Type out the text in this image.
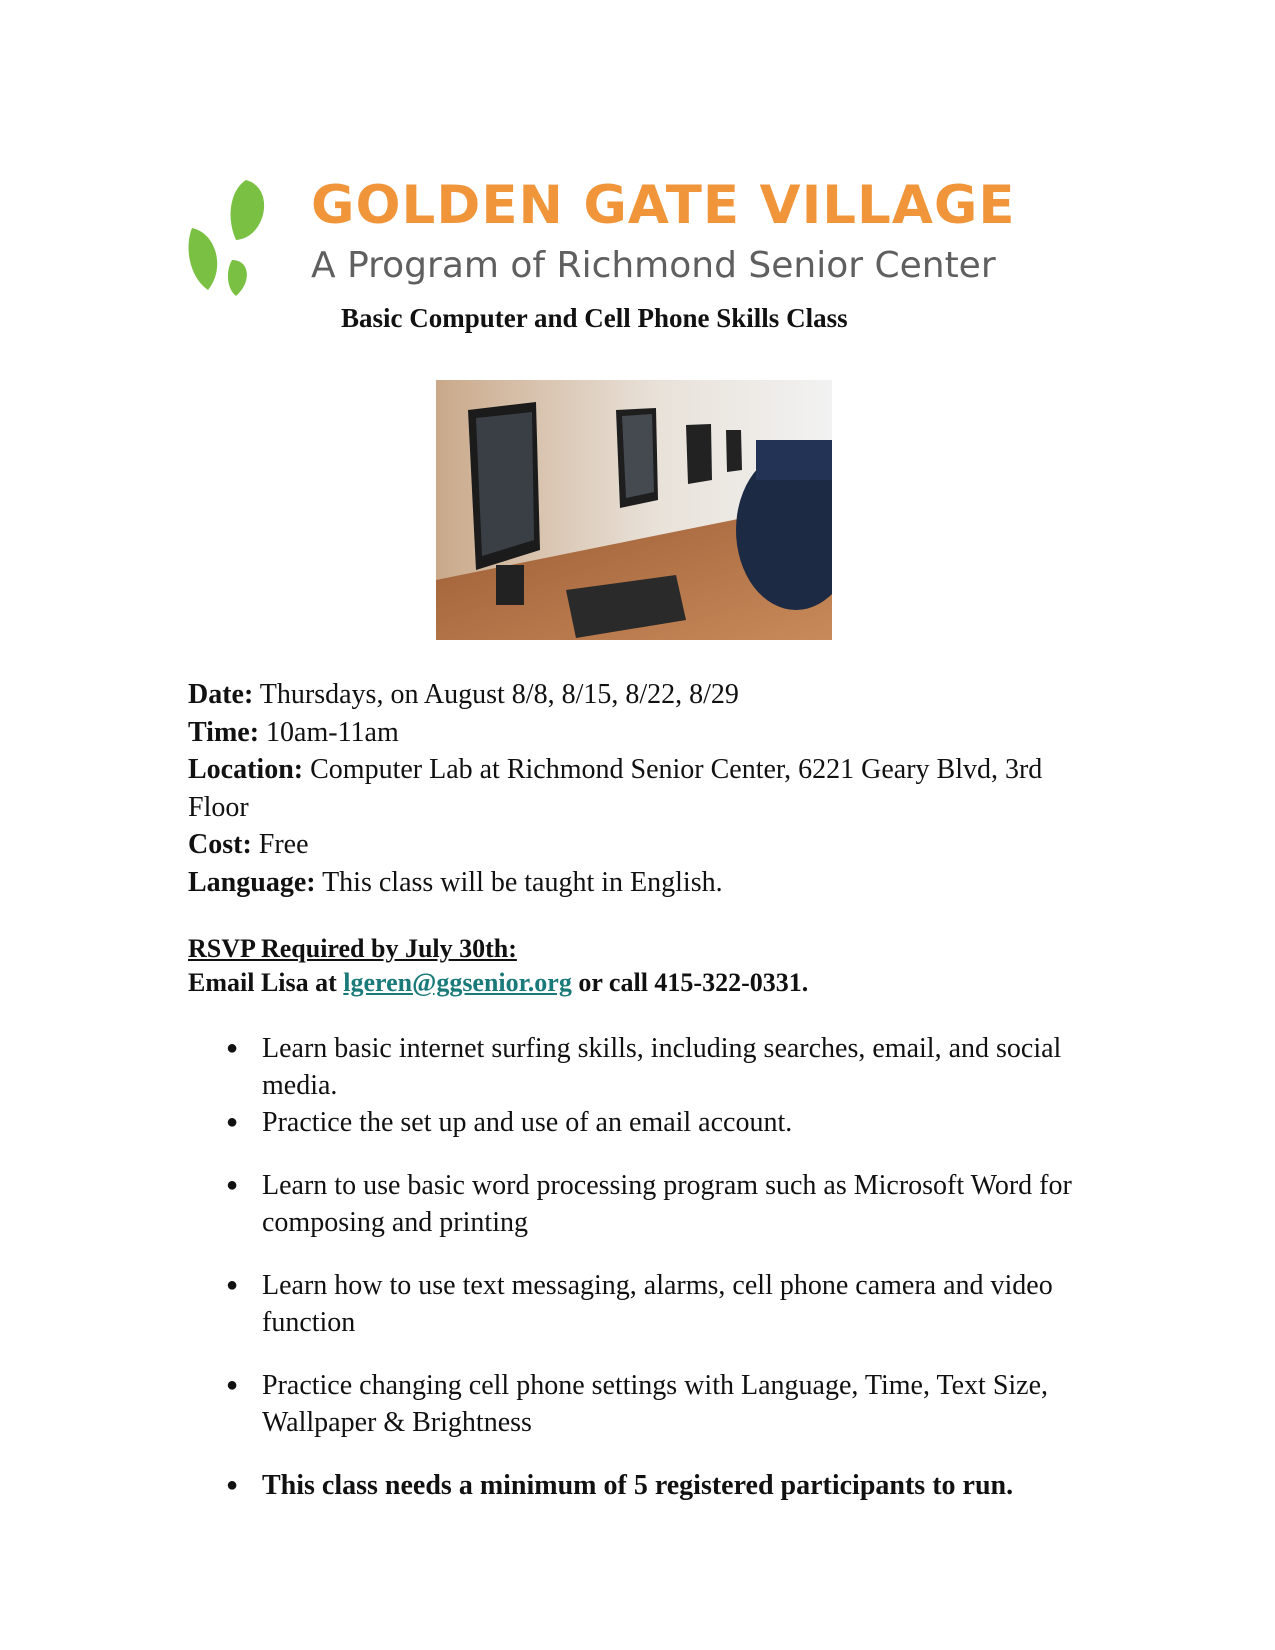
GOLDEN GATE VILLAGE

A Program of Richmond Senior Center

Basic Computer and Cell Phone Skills Class

Date: Thursdays, on August 8/8, 8/15, 8/22, 8/29

Time: 10am-11am

Location: Computer Lab at Richmond Senior Center, 6221 Geary Blvd, 3rd Floor

Cost: Free

Language: This class will be taught in English.

RSVP Required by July 30th:

Email Lisa at lgeren@ggsenior.org or call 415-322-0331.

● Learn basic internet surfing skills, including searches, email, and social media.
● Practice the set up and use of an email account.
● Learn to use basic word processing program such as Microsoft Word for composing and printing
● Learn how to use text messaging, alarms, cell phone camera and video function
● Practice changing cell phone settings with Language, Time, Text Size, Wallpaper & Brightness
● This class needs a minimum of 5 registered participants to run.
